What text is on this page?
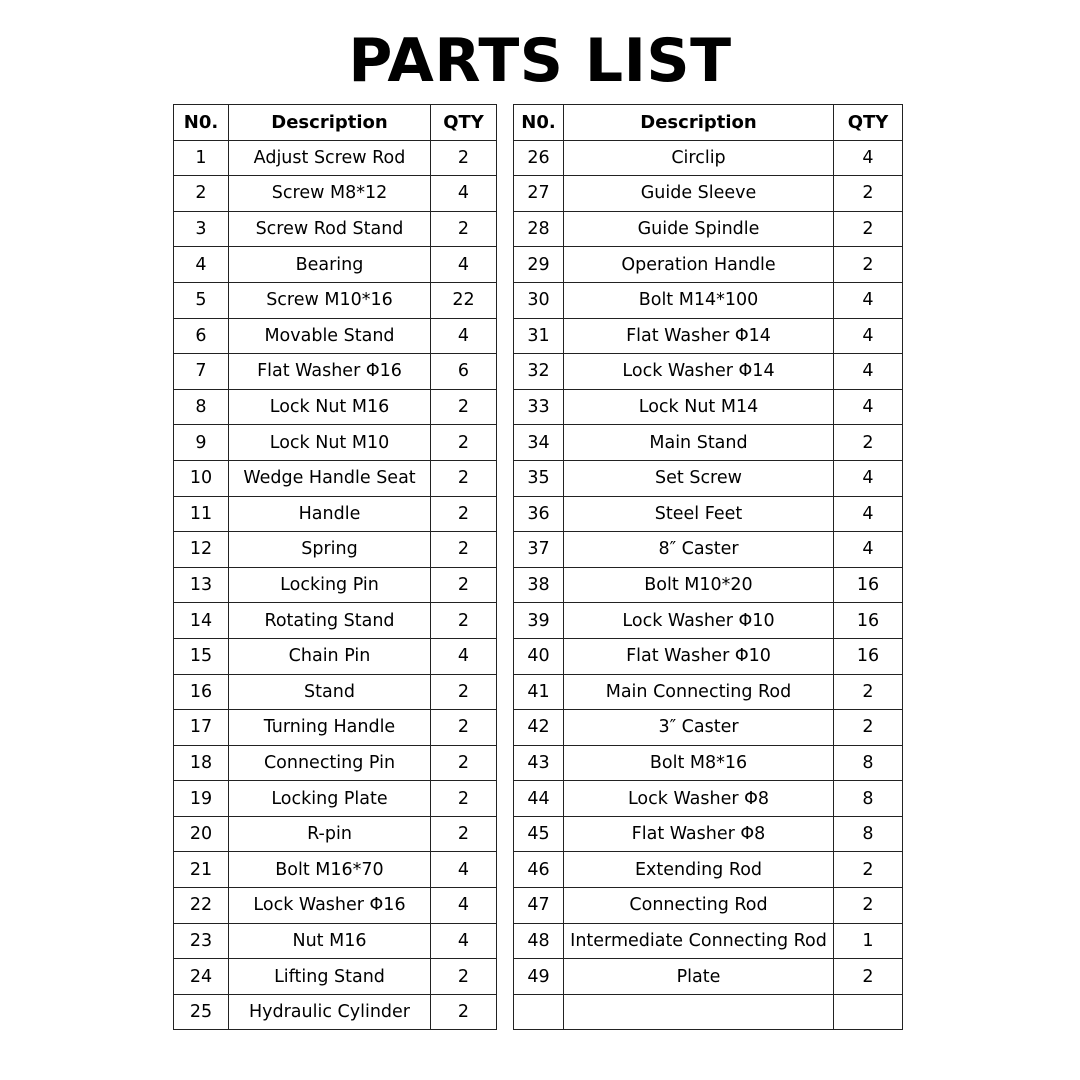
PARTS LIST
N0.	Description	QTY		N0.	Description	QTY
1	Adjust Screw Rod	2		26	Circlip	4
2	Screw M8*12	4		27	Guide Sleeve	2
3	Screw Rod Stand	2		28	Guide Spindle	2
4	Bearing	4		29	Operation Handle	2
5	Screw M10*16	22		30	Bolt M14*100	4
6	Movable Stand	4		31	Flat Washer Φ14	4
7	Flat Washer Φ16	6		32	Lock Washer Φ14	4
8	Lock Nut M16	2		33	Lock Nut M14	4
9	Lock Nut M10	2		34	Main Stand	2
10	Wedge Handle Seat	2		35	Set Screw	4
11	Handle	2		36	Steel Feet	4
12	Spring	2		37	8″ Caster	4
13	Locking Pin	2		38	Bolt M10*20	16
14	Rotating Stand	2		39	Lock Washer Φ10	16
15	Chain Pin	4		40	Flat Washer Φ10	16
16	Stand	2		41	Main Connecting Rod	2
17	Turning Handle	2		42	3″ Caster	2
18	Connecting Pin	2		43	Bolt M8*16	8
19	Locking Plate	2		44	Lock Washer Φ8	8
20	R-pin	2		45	Flat Washer Φ8	8
21	Bolt M16*70	4		46	Extending Rod	2
22	Lock Washer Φ16	4		47	Connecting Rod	2
23	Nut M16	4		48	Intermediate Connecting Rod	1
24	Lifting Stand	2		49	Plate	2
25	Hydraulic Cylinder	2				
